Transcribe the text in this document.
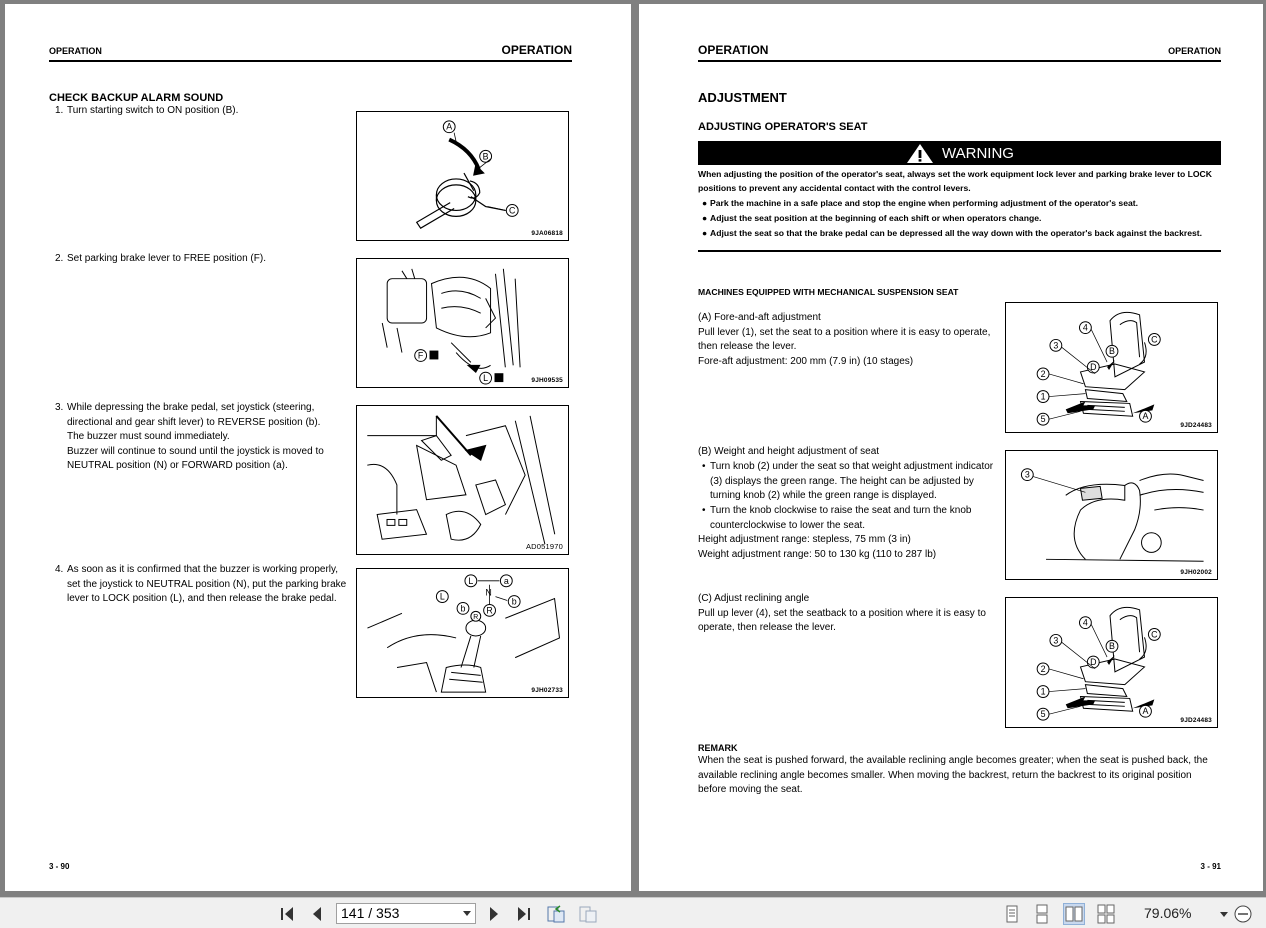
OPERATION	OPERATION
CHECK BACKUP ALARM SOUND
1. Turn starting switch to ON position (B).
A
B
C
9JA06818
2. Set parking brake lever to FREE position (F).
F
L	9JH09535
3. While depressing the brake pedal, set joystick (steering,
directional and gear shift lever) to REVERSE position (b).
The buzzer must sound immediately.
Buzzer will continue to sound until the joystick is moved to
NEUTRAL position (N) or FORWARD position (a).
AD051970
4. As soon as it is confirmed that the buzzer is working properly,
set the joystick to NEUTRAL position (N), put the parking brake
lever to LOCK position (L), and then release the brake pedal.
L	a
N
b
R
L
b
R
9JH02733
3 - 90
OPERATION	OPERATION
ADJUSTMENT
ADJUSTING OPERATOR'S SEAT
WARNING
When adjusting the position of the operator's seat, always set the work equipment lock lever and parking brake lever to LOCK
positions to prevent any accidental contact with the control levers.
● Park the machine in a safe place and stop the engine when performing adjustment of the operator's seat.
● Adjust the seat position at the beginning of each shift or when operators change.
● Adjust the seat so that the brake pedal can be depressed all the way down with the operator's back against the backrest.
MACHINES EQUIPPED WITH MECHANICAL SUSPENSION SEAT
(A) Fore-and-aft adjustment
Pull lever (1), set the seat to a position where it is easy to operate,
then release the lever.
Fore-aft adjustment: 200 mm (7.9 in) (10 stages)
4
C
3
B
D
2
1
5	A
9JD24483
(B) Weight and height adjustment of seat
• Turn knob (2) under the seat so that weight adjustment indicator
(3) displays the green range. The height can be adjusted by
turning knob (2) while the green range is displayed.
• Turn the knob clockwise to raise the seat and turn the knob
counterclockwise to lower the seat.
Height adjustment range: stepless, 75 mm (3 in)
Weight adjustment range: 50 to 130 kg (110 to 287 lb)
3
9JH02002
(C) Adjust reclining angle
Pull up lever (4), set the seatback to a position where it is easy to
operate, then release the lever.	4
C
3
B
D
2
1
5	A
9JD24483
REMARK
When the seat is pushed forward, the available reclining angle becomes greater; when the seat is pushed back, the
available reclining angle becomes smaller. When moving the backrest, return the backrest to its original position
before moving the seat.
3 - 91
141 / 353	79.06%
